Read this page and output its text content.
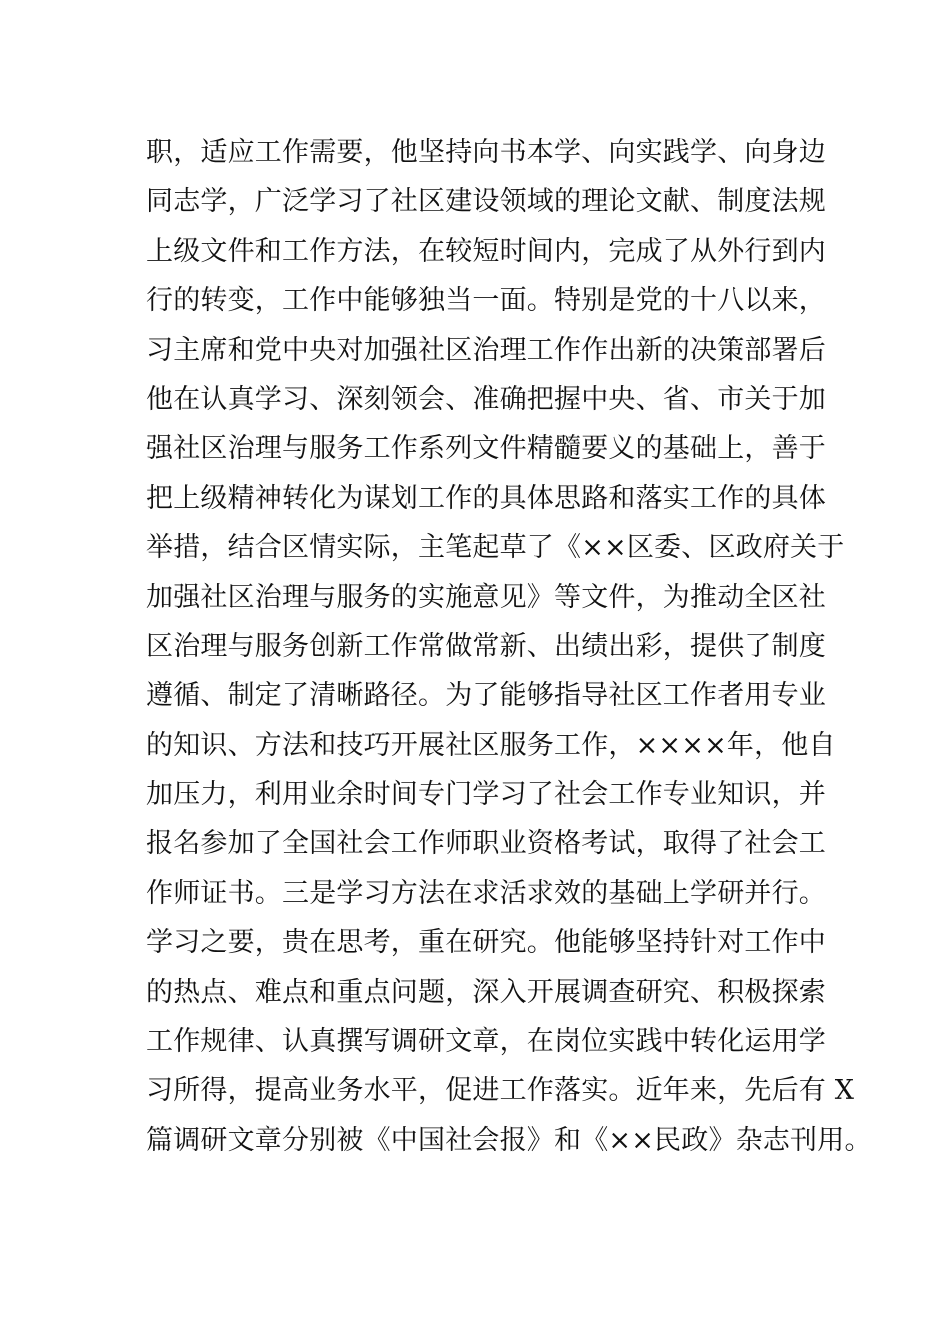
职，适应工作需要，他坚持向书本学、向实践学、向身边
同志学，广泛学习了社区建设领域的理论文献、制度法规
上级文件和工作方法，在较短时间内，完成了从外行到内
行的转变，工作中能够独当一面。特别是党的十八以来，
习主席和党中央对加强社区治理工作作出新的决策部署后
他在认真学习、深刻领会、准确把握中央、省、市关于加
强社区治理与服务工作系列文件精髓要义的基础上，善于
把上级精神转化为谋划工作的具体思路和落实工作的具体
举措，结合区情实际，主笔起草了《××区委、区政府关于
加强社区治理与服务的实施意见》等文件，为推动全区社
区治理与服务创新工作常做常新、出绩出彩，提供了制度
遵循、制定了清晰路径。为了能够指导社区工作者用专业
的知识、方法和技巧开展社区服务工作，××××年，他自
加压力，利用业余时间专门学习了社会工作专业知识，并
报名参加了全国社会工作师职业资格考试，取得了社会工
作师证书。三是学习方法在求活求效的基础上学研并行。
学习之要，贵在思考，重在研究。他能够坚持针对工作中
的热点、难点和重点问题，深入开展调查研究、积极探索
工作规律、认真撰写调研文章，在岗位实践中转化运用学
习所得，提高业务水平，促进工作落实。近年来，先后有 X
篇调研文章分别被《中国社会报》和《××民政》杂志刊用。
